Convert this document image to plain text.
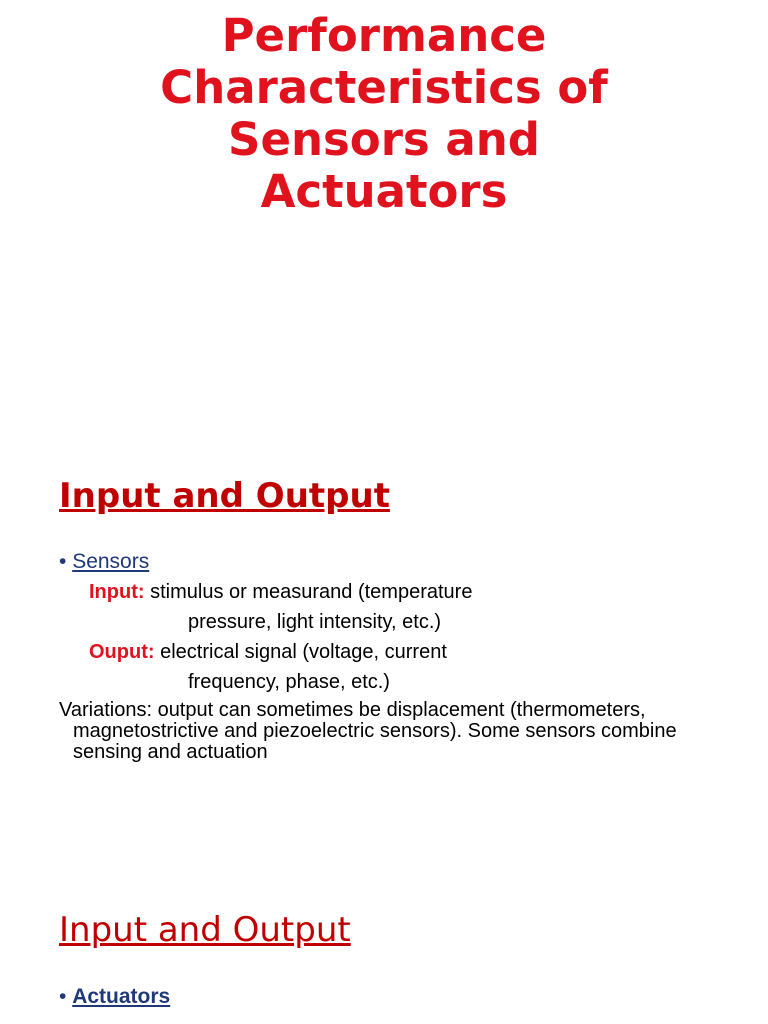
Performance
Characteristics of
Sensors and
Actuators
Input and Output
• Sensors
Input: stimulus or measurand (temperature
pressure, light intensity, etc.)
Ouput: electrical signal (voltage, current
frequency, phase, etc.)
Variations: output can sometimes be displacement (thermometers,
magnetostrictive and piezoelectric sensors). Some sensors combine sensing and actuation
Input and Output
• Actuators
